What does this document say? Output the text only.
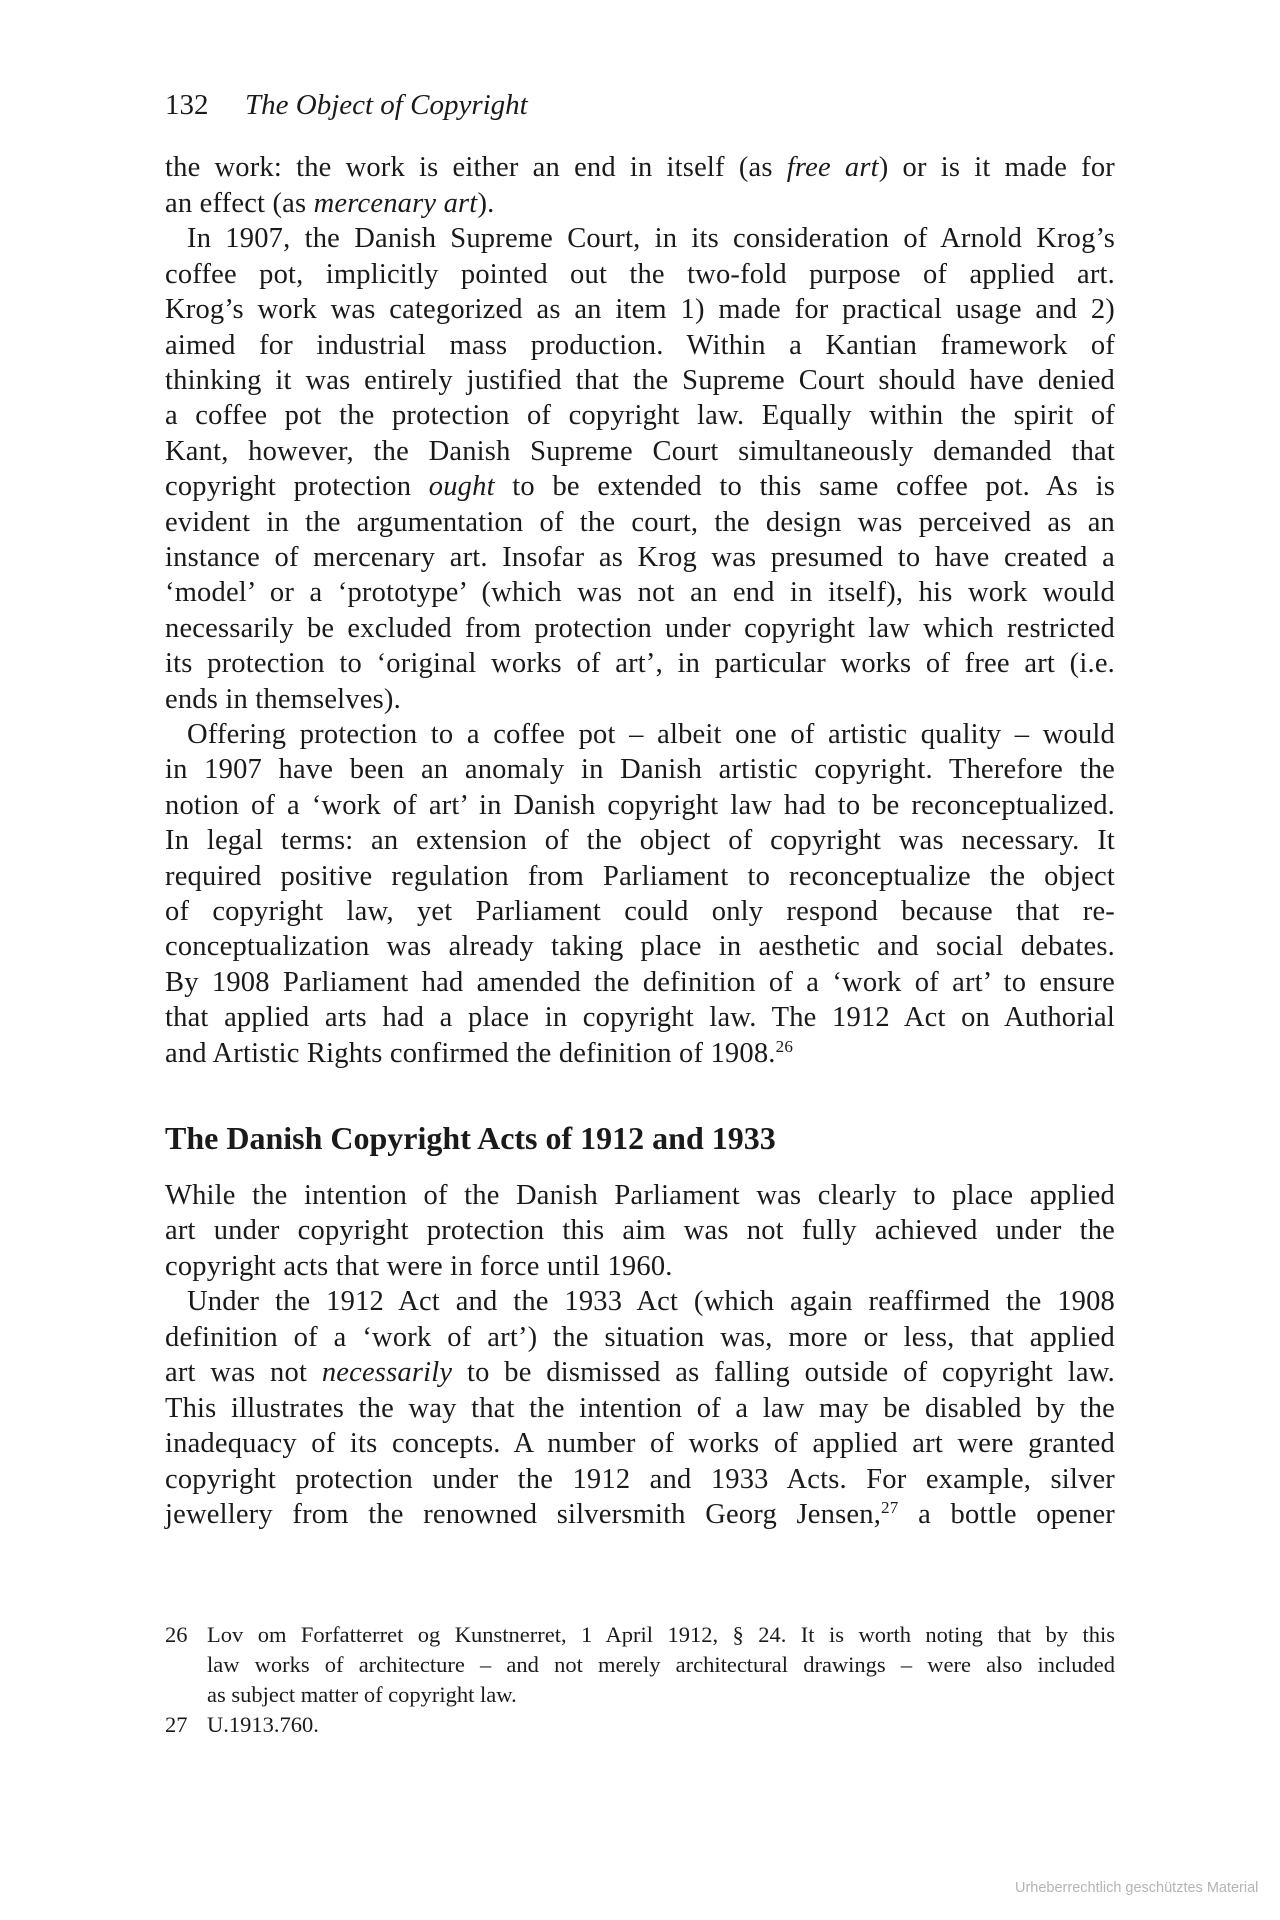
132 The Object of Copyright
the work: the work is either an end in itself (as free art) or is it made for
an effect (as mercenary art).
In 1907, the Danish Supreme Court, in its consideration of Arnold Krog’s
coffee pot, implicitly pointed out the two-fold purpose of applied art.
Krog’s work was categorized as an item 1) made for practical usage and 2)
aimed for industrial mass production. Within a Kantian framework of
thinking it was entirely justified that the Supreme Court should have denied
a coffee pot the protection of copyright law. Equally within the spirit of
Kant, however, the Danish Supreme Court simultaneously demanded that
copyright protection ought to be extended to this same coffee pot. As is
evident in the argumentation of the court, the design was perceived as an
instance of mercenary art. Insofar as Krog was presumed to have created a
‘model’ or a ‘prototype’ (which was not an end in itself), his work would
necessarily be excluded from protection under copyright law which restricted
its protection to ‘original works of art’, in particular works of free art (i.e.
ends in themselves).
Offering protection to a coffee pot – albeit one of artistic quality – would
in 1907 have been an anomaly in Danish artistic copyright. Therefore the
notion of a ‘work of art’ in Danish copyright law had to be reconceptualized.
In legal terms: an extension of the object of copyright was necessary. It
required positive regulation from Parliament to reconceptualize the object
of copyright law, yet Parliament could only respond because that re-
conceptualization was already taking place in aesthetic and social debates.
By 1908 Parliament had amended the definition of a ‘work of art’ to ensure
that applied arts had a place in copyright law. The 1912 Act on Authorial
and Artistic Rights confirmed the definition of 1908.26
The Danish Copyright Acts of 1912 and 1933
While the intention of the Danish Parliament was clearly to place applied
art under copyright protection this aim was not fully achieved under the
copyright acts that were in force until 1960.
Under the 1912 Act and the 1933 Act (which again reaffirmed the 1908
definition of a ‘work of art’) the situation was, more or less, that applied
art was not necessarily to be dismissed as falling outside of copyright law.
This illustrates the way that the intention of a law may be disabled by the
inadequacy of its concepts. A number of works of applied art were granted
copyright protection under the 1912 and 1933 Acts. For example, silver
jewellery from the renowned silversmith Georg Jensen,$^{27}$ a bottle opener
26 Lov om Forfatterret og Kunstnerret, 1 April 1912, § 24. It is worth noting that by this
law works of architecture – and not merely architectural drawings – were also included
as subject matter of copyright law.
27 U.1913.760.
Urheberrechtlich geschütztes Material
